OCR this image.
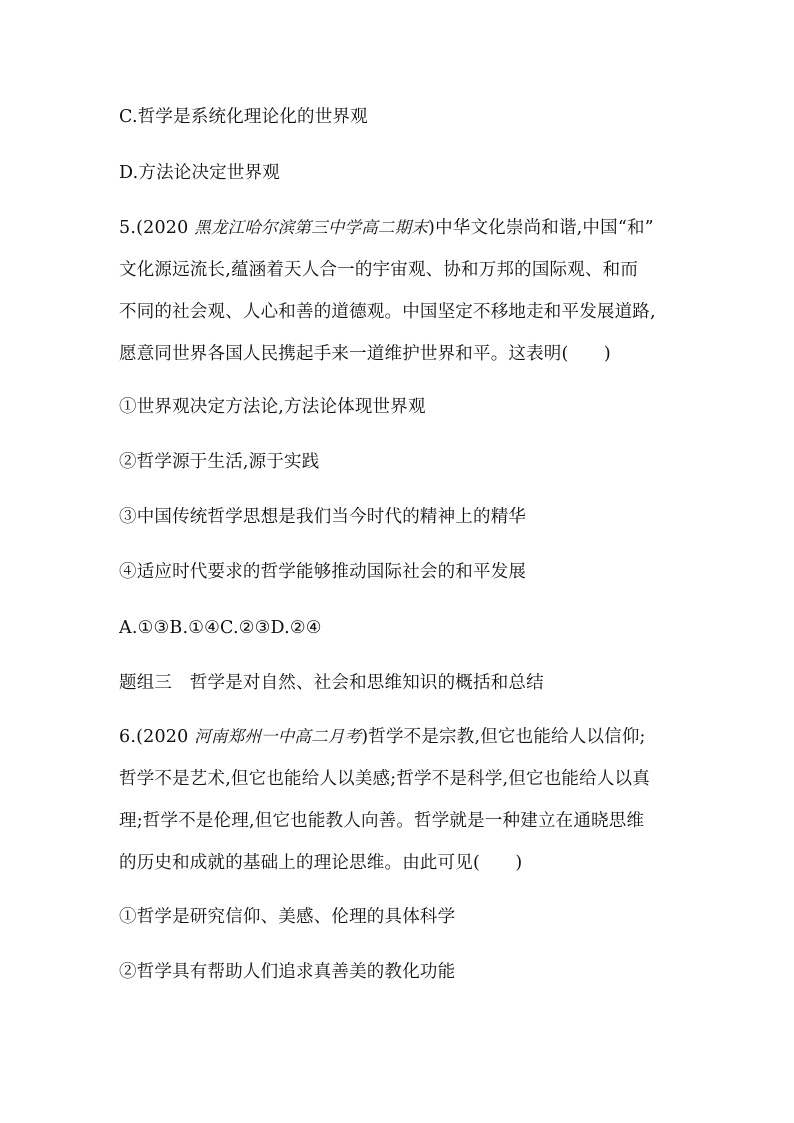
C.哲学是系统化理论化的世界观
D.方法论决定世界观
5.(2020 黑龙江哈尔滨第三中学高二期末)中华文化崇尚和谐,中国“和”
文化源远流长,蕴涵着天人合一的宇宙观、协和万邦的国际观、和而
不同的社会观、人心和善的道德观。中国坚定不移地走和平发展道路,
愿意同世界各国人民携起手来一道维护世界和平。这表明(　　)
①世界观决定方法论,方法论体现世界观
②哲学源于生活,源于实践
③中国传统哲学思想是我们当今时代的精神上的精华
④适应时代要求的哲学能够推动国际社会的和平发展
A.①③B.①④C.②③D.②④
题组三　哲学是对自然、社会和思维知识的概括和总结
6.(2020 河南郑州一中高二月考)哲学不是宗教,但它也能给人以信仰;
哲学不是艺术,但它也能给人以美感;哲学不是科学,但它也能给人以真
理;哲学不是伦理,但它也能教人向善。哲学就是一种建立在通晓思维
的历史和成就的基础上的理论思维。由此可见(　　)
①哲学是研究信仰、美感、伦理的具体科学
②哲学具有帮助人们追求真善美的教化功能
